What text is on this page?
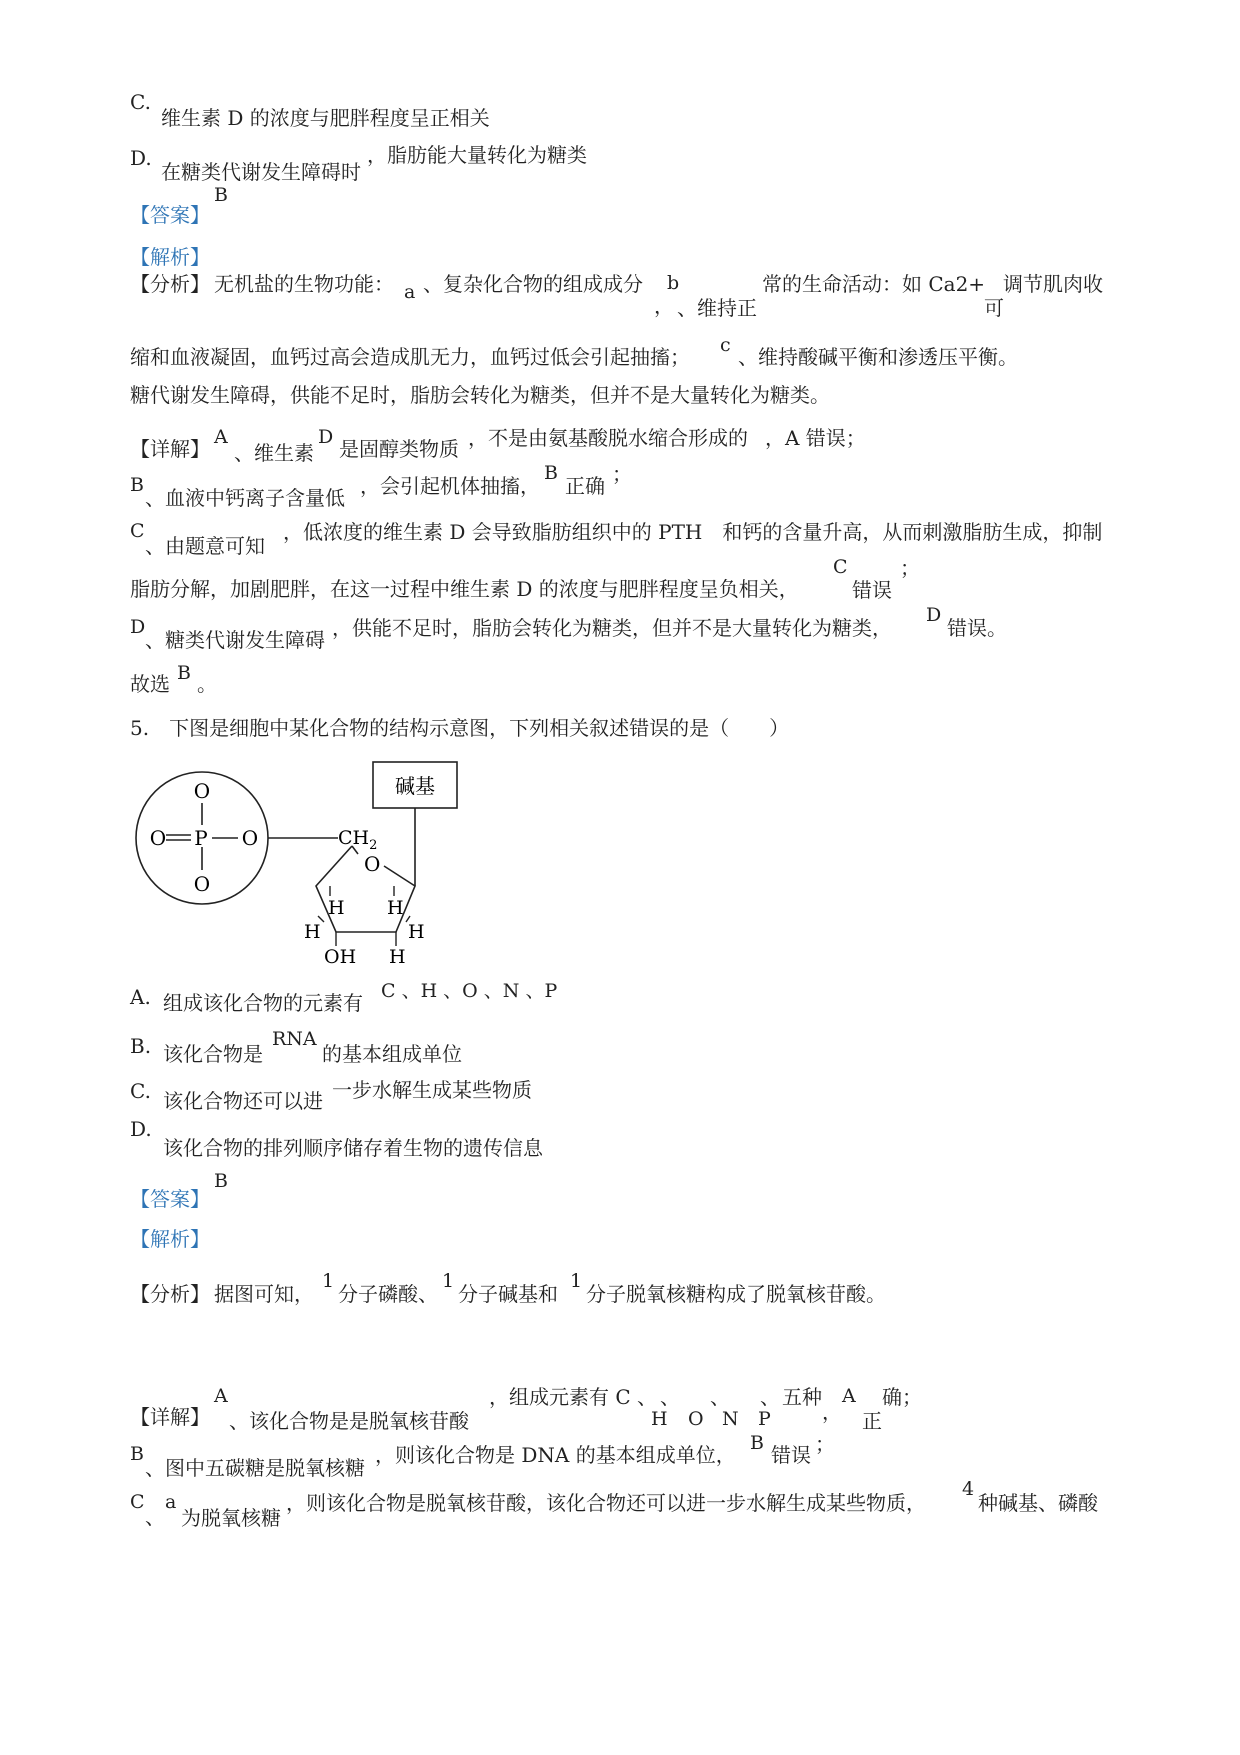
C.
维生素 D 的浓度与肥胖程度呈正相关
D.
在糖类代谢发生障碍时
，脂肪能大量转化为糖类
【答案】
B
【解析】
【分析】 无机盐的生物功能： a 、复杂化合物的组成成分 b
， 、维持正
常的生命活动：如 Ca2+
可
调节肌肉收
缩和血液凝固，血钙过高会造成肌无力，血钙过低会引起抽搐； c 、维持酸碱平衡和渗透压平衡。
糖代谢发生障碍，供能不足时，脂肪会转化为糖类，但并不是大量转化为糖类。
【详解】 A
、维生素
D 是固醇类物质 ，不是由氨基酸脱水缩合形成的 ，A 错误；
B
、血液中钙离子含量低 ，会引起机体抽搐，
B
正确 ；
C
、由题意可知
，低浓度的维生素 D 会导致脂肪组织中的 PTH　和钙的含量升高，从而刺激脂肪生成，抑制
脂肪分解，加剧肥胖，在这一过程中维生素 D 的浓度与肥胖程度呈负相关，
C
错误
；
D
、糖类代谢发生障碍 ，供能不足时，脂肪会转化为糖类，但并不是大量转化为糖类，
D
错误。
故选 B 。
5.　下图是细胞中某化合物的结构示意图，下列相关叙述错误的是（　　）
O
O P O
O
$CH_2$
碱基
O
H H
H	H
OH H
A. 组成该化合物的元素有 C 、H 、O 、N 、P
B. 该化合物是
RNA
的基本组成单位
C. 该化合物还可以进 一步水解生成某些物质
D.
该化合物的排列顺序储存着生物的遗传信息
【答案】
B
【解析】
【分析】 据图可知，
1
分子磷酸、
1
分子碱基和
1
分子脱氧核糖构成了脱氧核苷酸。
【详解】
A
、该化合物是是脱氧核苷酸
，组成元素有 C 、 、　　、　　、
H O N P
五种
，
A
正
确；
B
、图中五碳糖是脱氧核糖
，则该化合物是 DNA 的基本组成单位， B 错误 ；
C
、
a
为脱氧核糖
，则该化合物是脱氧核苷酸，该化合物还可以进一步水解生成某些物质，
4
种碱基、磷酸
